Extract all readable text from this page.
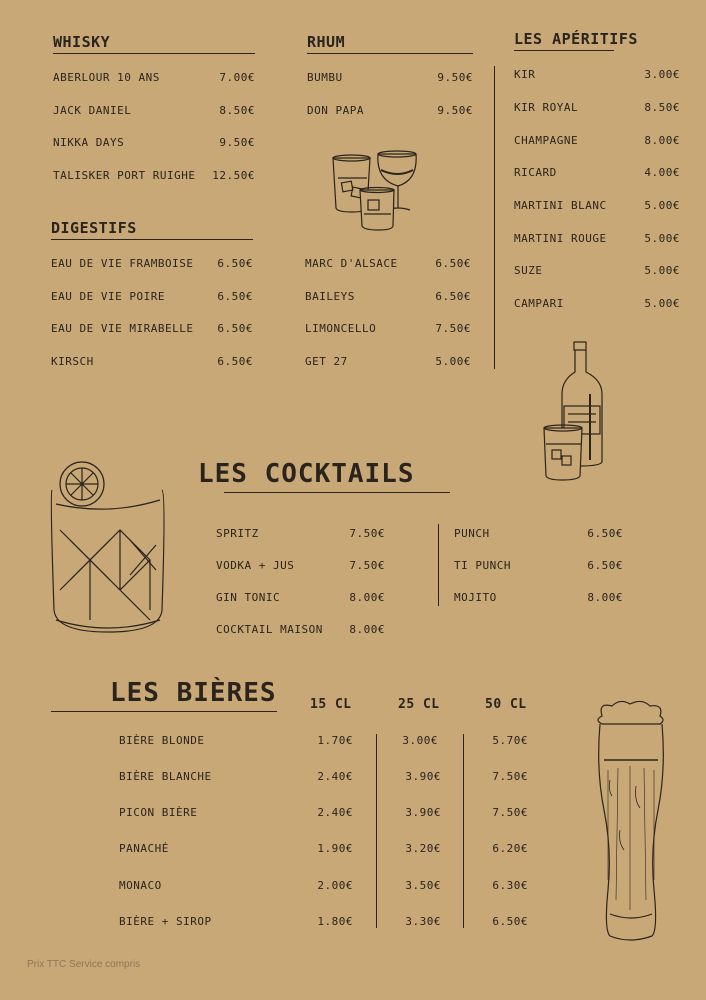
WHISKY
ABERLOUR 10 ANS	7.00€
JACK DANIEL	8.50€
NIKKA DAYS	9.50€
TALISKER PORT RUIGHE	12.50€
RHUM
BUMBU	9.50€
DON PAPA	9.50€
LES APÉRITIFS
KIR	3.00€
KIR ROYAL	8.50€
CHAMPAGNE	8.00€
RICARD	4.00€
MARTINI BLANC	5.00€
MARTINI ROUGE	5.00€
SUZE	5.00€
CAMPARI	5.00€
DIGESTIFS
EAU DE VIE FRAMBOISE	6.50€
EAU DE VIE POIRE	6.50€
EAU DE VIE MIRABELLE	6.50€
KIRSCH	6.50€
MARC D'ALSACE	6.50€
BAILEYS	6.50€
LIMONCELLO	7.50€
GET 27	5.00€
LES COCKTAILS
SPRITZ	7.50€
VODKA + JUS	7.50€
GIN TONIC	8.00€
COCKTAIL MAISON	8.00€
PUNCH	6.50€
TI PUNCH	6.50€
MOJITO	8.00€
LES BIÈRES	15 CL	25 CL	50 CL
BIÈRE BLONDE	1.70€	3.00€	5.70€
BIÈRE BLANCHE	2.40€	3.90€	7.50€
PICON BIÈRE	2.40€	3.90€	7.50€
PANACHÉ	1.90€	3.20€	6.20€
MONACO	2.00€	3.50€	6.30€
BIÈRE + SIROP	1.80€	3.30€	6.50€
Prix TTC Service compris
